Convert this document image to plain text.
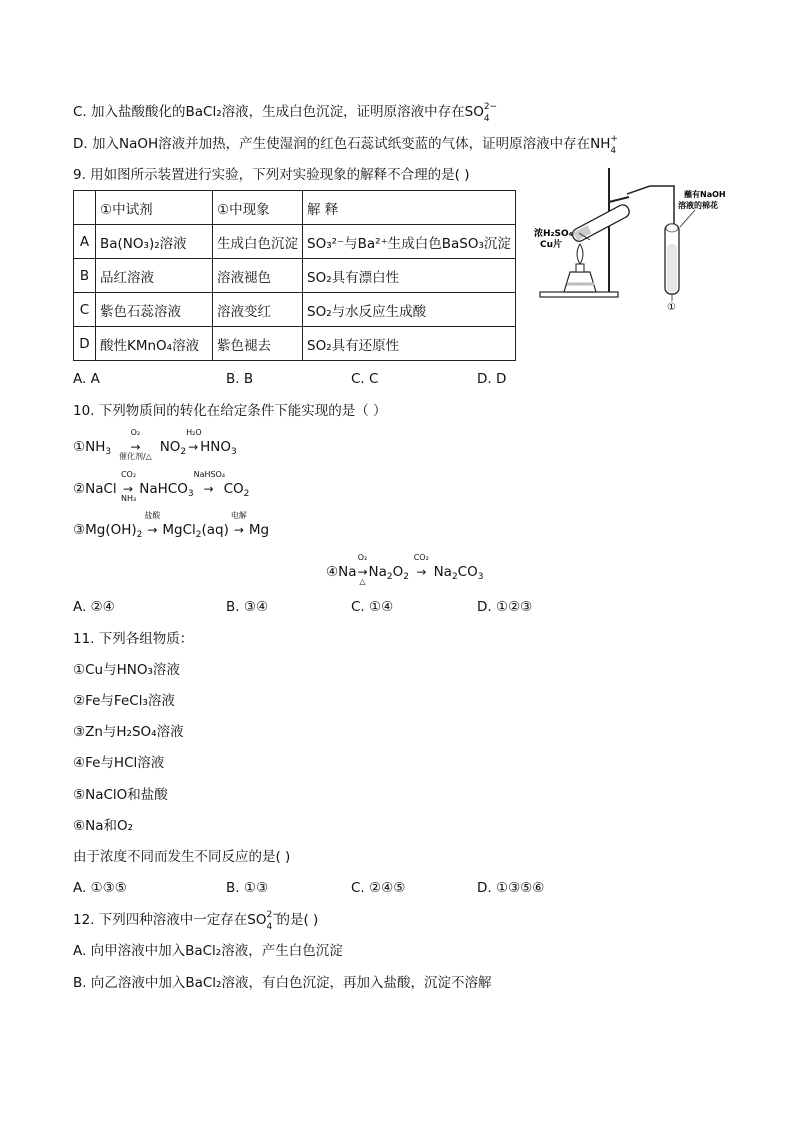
C. 加入盐酸酸化的BaCl₂溶液，生成白色沉淀，证明原溶液中存在SO 2−
4
D. 加入NaOH溶液并加热，产生使湿润的红色石蕊试纸变蓝的气体，证明原溶液中存在NH +
4
9. 用如图所示装置进行实验，下列对实验现象的解释不合理的是( )
	①中试剂	①中现象	解 释
A	Ba(NO₃)₂溶液	生成白色沉淀	SO₃²⁻与Ba²⁺生成白色BaSO₃沉淀
B	品红溶液	溶液褪色	SO₂具有漂白性
C	紫色石蕊溶液	溶液变红	SO₂与水反应生成酸
D	酸性KMnO₄溶液	紫色褪去	SO₂具有还原性
浓H₂SO₄
Cu片
蘸有NaOH
溶液的棉花
①
A. A	B. B	C. C	D. D
10. 下列物质间的转化在给定条件下能实现的是（ ）
$①NH_3$
O₂
→
催化剂/△
$NO_2$
H₂O
→ $HNO_3$
②NaCl
CO₂
→
NH₃
NaHCO$_3$
NaHSO₄
→ $CO_2$
$③Mg(OH)_2$
盐酸
→ MgCl$_2$(aq)
电解
→ Mg
④Na
O₂
→
△
$Na_2O_2$
CO₂
→ $Na_2CO_3$
A. ②④	B. ③④	C. ①④	D. ①②③
11. 下列各组物质：
①Cu与HNO₃溶液
②Fe与FeCl₃溶液
③Zn与H₂SO₄溶液
④Fe与HCl溶液
⑤NaClO和盐酸
⑥Na和O₂
由于浓度不同而发生不同反应的是( )
A. ①③⑤	B. ①③	C. ②④⑤	D. ①③⑤⑥
12. 下列四种溶液中一定存在SO 2−
4 的是( )
A. 向甲溶液中加入BaCl₂溶液，产生白色沉淀
B. 向乙溶液中加入BaCl₂溶液，有白色沉淀，再加入盐酸，沉淀不溶解
